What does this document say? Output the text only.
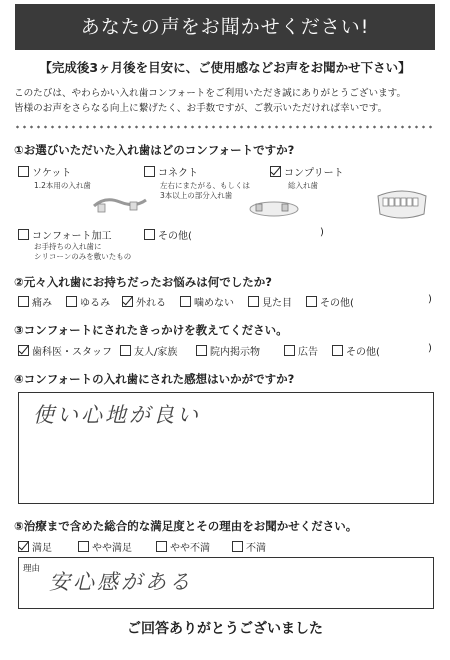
あなたの声をお聞かせください!
【完成後3ヶ月後を目安に、ご使用感などお声をお聞かせ下さい】
このたびは、やわらかい入れ歯コンフォートをご利用いただき誠にありがとうございます。
皆様のお声をさらなる向上に繋げたく、お手数ですが、ご教示いただければ幸いです。
①お選びいただいた入れ歯はどのコンフォートですか?
ソケット
1.2本用の入れ歯
コネクト
左右にまたがる、もしくは
3本以上の部分入れ歯
コンプリート
総入れ歯
コンフォート加工
お手持ちの入れ歯に
シリコーンのみを敷いたもの
その他(	)
②元々入れ歯にお持ちだったお悩みは何でしたか?
痛み	ゆるみ	外れる	噛めない	見た目	その他(	)
③コンフォートにされたきっかけを教えてください。
歯科医・スタッフ 友人/家族	院内掲示物	広告	その他(	)
④コンフォートの入れ歯にされた感想はいかがですか?
使い心地が良い
⑤治療まで含めた総合的な満足度とその理由をお聞かせください。
満足	やや満足	やや不満	不満
理由
安心感がある
ご回答ありがとうございました
